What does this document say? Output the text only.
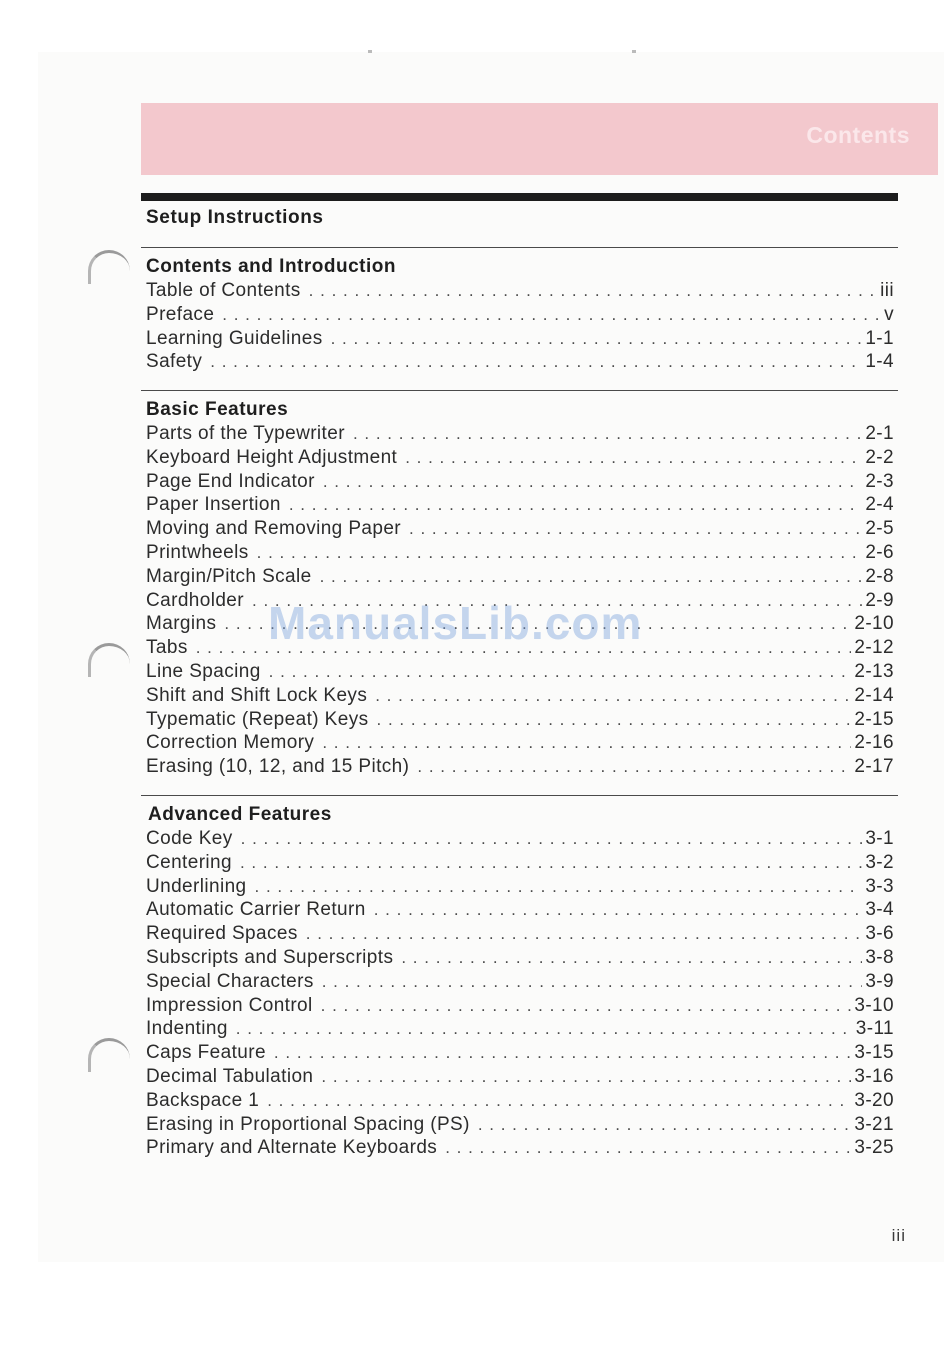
Contents
Setup Instructions
Contents and Introduction
Table of Contents . . .	iii
Preface . . .	v
Learning Guidelines . . .	1-1
Safety . . .	1-4
Basic Features
Parts of the Typewriter . . .	2-1
Keyboard Height Adjustment . . .	2-2
Page End Indicator . . .	2-3
Paper Insertion . . .	2-4
Moving and Removing Paper . . .	2-5
Printwheels . . .	2-6
Margin/Pitch Scale . . .	2-8
Cardholder . . .	2-9
Margins . . .	2-10
Tabs . . .	2-12
Line Spacing . . .	2-13
Shift and Shift Lock Keys . . .	2-14
Typematic (Repeat) Keys . . .	2-15
Correction Memory . . .	2-16
Erasing (10, 12, and 15 Pitch) . . .	2-17
Advanced Features
Code Key . . .	3-1
Centering . . .	3-2
Underlining . . .	3-3
Automatic Carrier Return . . .	3-4
Required Spaces . . .	3-6
Subscripts and Superscripts . . .	3-8
Special Characters . . .	3-9
Impression Control . . .	3-10
Indenting . . .	3-11
Caps Feature . . .	3-15
Decimal Tabulation . . .	3-16
Backspace 1 . . .	3-20
Erasing in Proportional Spacing (PS) . . .	3-21
Primary and Alternate Keyboards . . .	3-25
ManualsLib.com
iii
